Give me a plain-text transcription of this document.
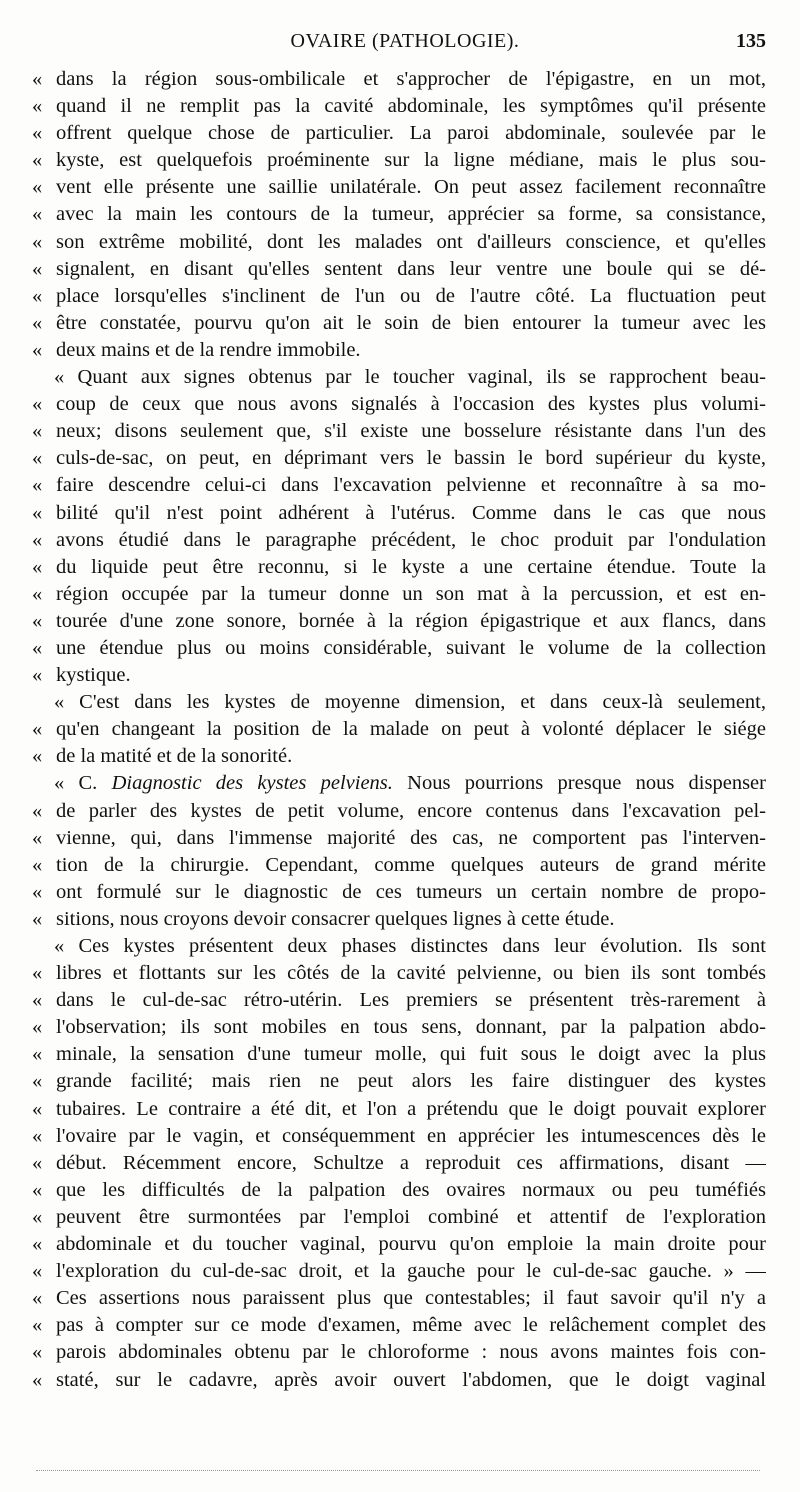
OVAIRE (PATHOLOGIE).	135
« dans la région sous-ombilicale et s'approcher de l'épigastre, en un mot,
« quand il ne remplit pas la cavité abdominale, les symptômes qu'il présente
« offrent quelque chose de particulier. La paroi abdominale, soulevée par le
« kyste, est quelquefois proéminente sur la ligne médiane, mais le plus sou-
« vent elle présente une saillie unilatérale. On peut assez facilement reconnaître
« avec la main les contours de la tumeur, apprécier sa forme, sa consistance,
« son extrême mobilité, dont les malades ont d'ailleurs conscience, et qu'elles
« signalent, en disant qu'elles sentent dans leur ventre une boule qui se dé-
« place lorsqu'elles s'inclinent de l'un ou de l'autre côté. La fluctuation peut
« être constatée, pourvu qu'on ait le soin de bien entourer la tumeur avec les
« deux mains et de la rendre immobile.
« Quant aux signes obtenus par le toucher vaginal, ils se rapprochent beau-
« coup de ceux que nous avons signalés à l'occasion des kystes plus volumi-
« neux; disons seulement que, s'il existe une bosselure résistante dans l'un des
« culs-de-sac, on peut, en déprimant vers le bassin le bord supérieur du kyste,
« faire descendre celui-ci dans l'excavation pelvienne et reconnaître à sa mo-
« bilité qu'il n'est point adhérent à l'utérus. Comme dans le cas que nous
« avons étudié dans le paragraphe précédent, le choc produit par l'ondulation
« du liquide peut être reconnu, si le kyste a une certaine étendue. Toute la
« région occupée par la tumeur donne un son mat à la percussion, et est en-
« tourée d'une zone sonore, bornée à la région épigastrique et aux flancs, dans
« une étendue plus ou moins considérable, suivant le volume de la collection
« kystique.
« C'est dans les kystes de moyenne dimension, et dans ceux-là seulement,
« qu'en changeant la position de la malade on peut à volonté déplacer le siége
« de la matité et de la sonorité.
« C. Diagnostic des kystes pelviens. Nous pourrions presque nous dispenser
« de parler des kystes de petit volume, encore contenus dans l'excavation pel-
« vienne, qui, dans l'immense majorité des cas, ne comportent pas l'interven-
« tion de la chirurgie. Cependant, comme quelques auteurs de grand mérite
« ont formulé sur le diagnostic de ces tumeurs un certain nombre de propo-
« sitions, nous croyons devoir consacrer quelques lignes à cette étude.
« Ces kystes présentent deux phases distinctes dans leur évolution. Ils sont
« libres et flottants sur les côtés de la cavité pelvienne, ou bien ils sont tombés
« dans le cul-de-sac rétro-utérin. Les premiers se présentent très-rarement à
« l'observation; ils sont mobiles en tous sens, donnant, par la palpation abdo-
« minale, la sensation d'une tumeur molle, qui fuit sous le doigt avec la plus
« grande facilité; mais rien ne peut alors les faire distinguer des kystes
« tubaires. Le contraire a été dit, et l'on a prétendu que le doigt pouvait explorer
« l'ovaire par le vagin, et conséquemment en apprécier les intumescences dès le
« début. Récemment encore, Schultze a reproduit ces affirmations, disant —
« que les difficultés de la palpation des ovaires normaux ou peu tuméfiés
« peuvent être surmontées par l'emploi combiné et attentif de l'exploration
« abdominale et du toucher vaginal, pourvu qu'on emploie la main droite pour
« l'exploration du cul-de-sac droit, et la gauche pour le cul-de-sac gauche. » —
« Ces assertions nous paraissent plus que contestables; il faut savoir qu'il n'y a
« pas à compter sur ce mode d'examen, même avec le relâchement complet des
« parois abdominales obtenu par le chloroforme : nous avons maintes fois con-
« staté, sur le cadavre, après avoir ouvert l'abdomen, que le doigt vaginal
